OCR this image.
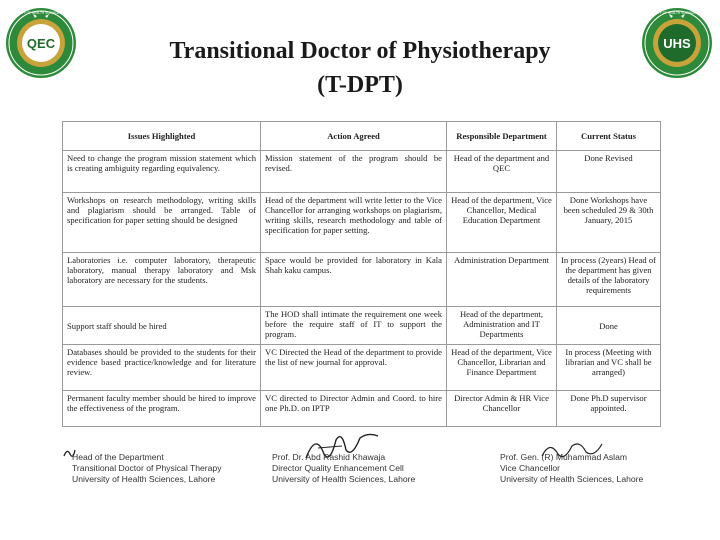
QEC
UNIVERSITY OF HEALTH SCIENCES LAHORE
UHS
UNIVERSITY OF HEALTH SCIENCES LAHORE
Transitional Doctor of Physiotherapy
(T-DPT)
Issues Highlighted	Action Agreed	Responsible Department	Current Status
Need to change the program mission statement which is creating ambiguity regarding equivalency.	Mission statement of the program should be revised.	Head of the department and QEC	Done Revised
Workshops on research methodology, writing skills and plagiarism should be arranged. Table of specification for paper setting should be designed	Head of the department will write letter to the Vice Chancellor for arranging workshops on plagiarism, writing skills, research methodology and table of specification for paper setting.	Head of the department, Vice Chancellor, Medical Education Department	Done Workshops have been scheduled 29 & 30th January, 2015
Laboratories i.e. computer laboratory, therapeutic laboratory, manual therapy laboratory and Msk laboratory are necessary for the students.	Space would be provided for laboratory in Kala Shah kaku campus.	Administration Department	In process (2years) Head of the department has given details of the laboratory requirements
Support staff should be hired	The HOD shall intimate the requirement one week before the require staff of IT to support the program.	Head of the department, Administration and IT Departments	Done
Databases should be provided to the students for their evidence based practice/knowledge and for literature review.	VC Directed the Head of the department to provide the list of new journal for approval.	Head of the department, Vice Chancellor, Librarian and Finance Department	In process (Meeting with librarian and VC shall be arranged)
Permanent faculty member should be hired to improve the effectiveness of the program.	VC directed to Director Admin and Coord. to hire one Ph.D. on IPTP	Director Admin & HR Vice Chancellor	Done Ph.D supervisor appointed.
Head of the Department
Transitional Doctor of Physical Therapy
University of Health Sciences, Lahore
Prof. Dr. Abd Rashid Khawaja
Director Quality Enhancement Cell
University of Health Sciences, Lahore
Prof. Gen. (R) Muhammad Aslam
Vice Chancellor
University of Health Sciences, Lahore
